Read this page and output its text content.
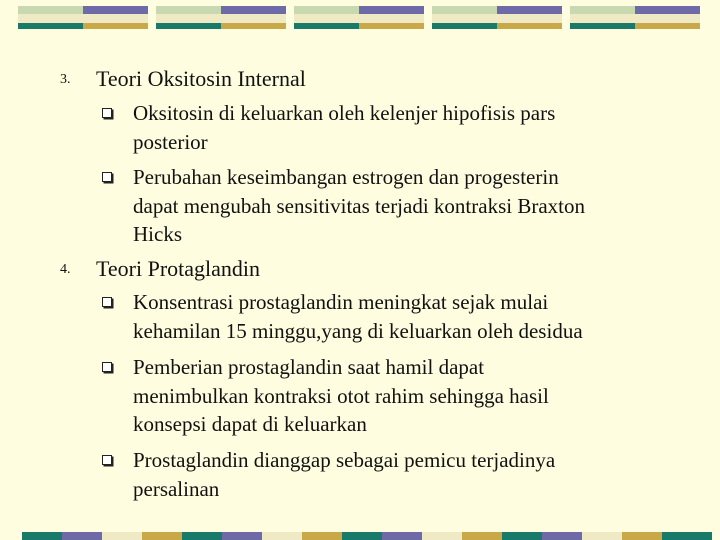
3. Teori Oksitosin Internal
Oksitosin di keluarkan oleh kelenjer hipofisis pars
posterior
Perubahan keseimbangan estrogen dan progesterin
dapat mengubah sensitivitas terjadi kontraksi Braxton
Hicks
4. Teori Protaglandin
Konsentrasi prostaglandin meningkat sejak mulai
kehamilan 15 minggu,yang di keluarkan oleh desidua
Pemberian prostaglandin saat hamil dapat
menimbulkan kontraksi otot rahim sehingga hasil
konsepsi dapat di keluarkan
Prostaglandin dianggap sebagai pemicu terjadinya
persalinan
